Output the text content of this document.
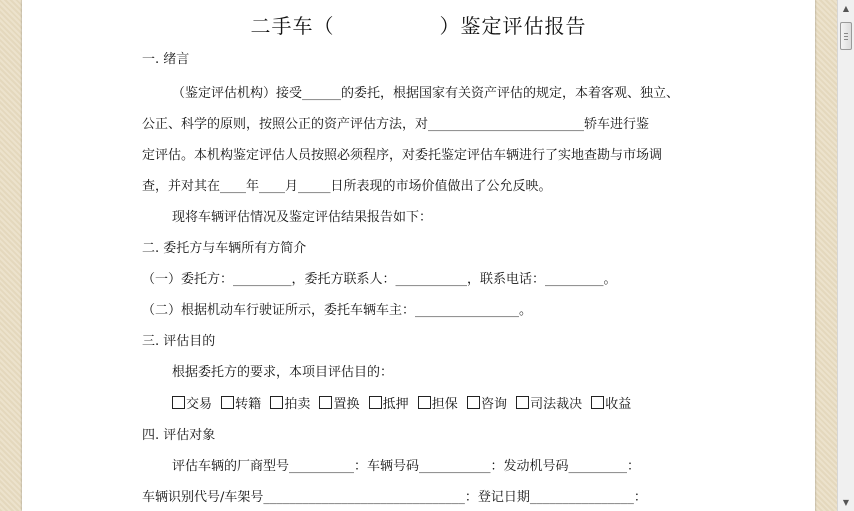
二手车（　　　　　）鉴定评估报告
一. 绪言
（鉴定评估机构）接受______的委托，根据国家有关资产评估的规定，本着客观、独立、
公正、科学的原则，按照公正的资产评估方法，对________________________轿车进行鉴
定评估。本机构鉴定评估人员按照必须程序，对委托鉴定评估车辆进行了实地查勘与市场调
查，并对其在____年____月_____日所表现的市场价值做出了公允反映。
现将车辆评估情况及鉴定评估结果报告如下：
二. 委托方与车辆所有方简介
（一）委托方：_________，委托方联系人：___________，联系电话：_________。
（二）根据机动车行驶证所示，委托车辆车主：________________。
三. 评估目的
根据委托方的要求，本项目评估目的：
交易 转籍 拍卖 置换 抵押 担保 咨询 司法裁决 收益
四. 评估对象
评估车辆的厂商型号__________：车辆号码___________：发动机号码_________：
车辆识别代号/车架号_______________________________：登记日期________________：
▲
▼
